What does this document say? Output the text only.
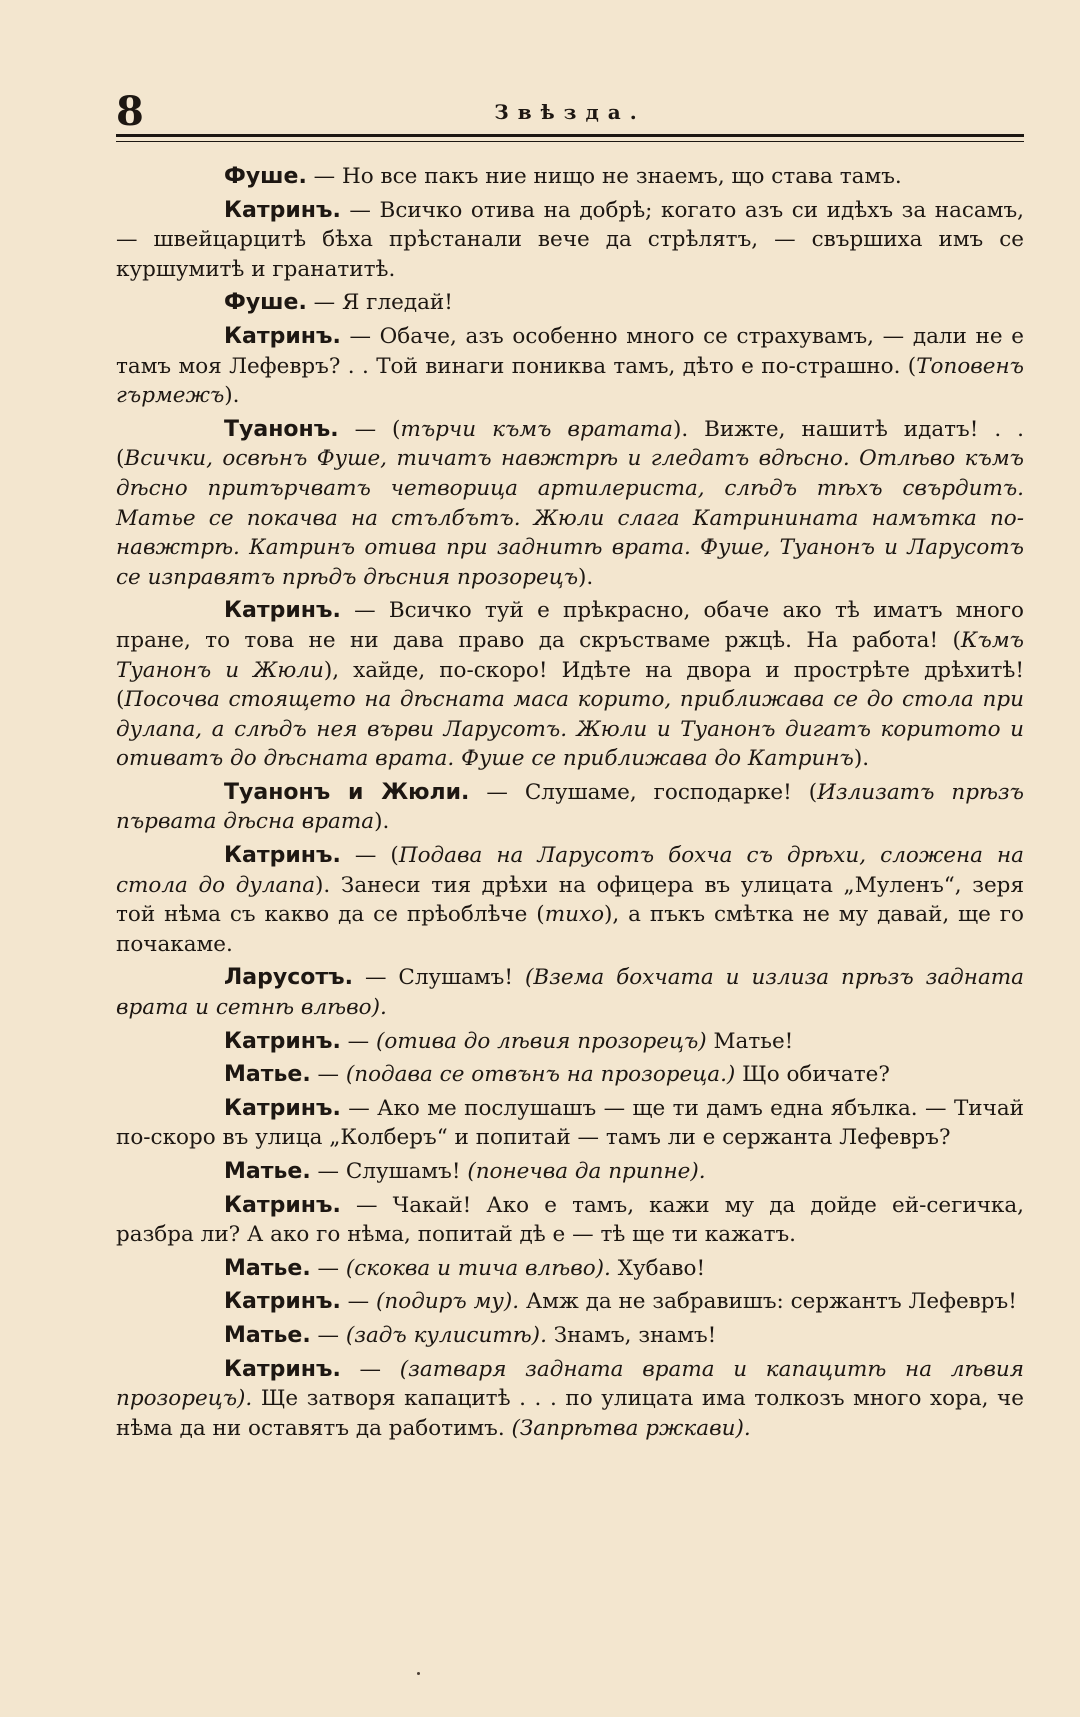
8	Звѣзда.

Фуше. — Но все пакъ ние нищо не знаемъ, що става тамъ.

Катринъ. — Всичко отива на добрѣ; когато азъ си идѣхъ за насамъ, — швейцарцитѣ бѣха прѣстанали вече да стрѣлятъ, — свършиха имъ се куршумитѣ и гранатитѣ.

Фуше. — Я гледай!

Катринъ. — Обаче, азъ особенно много се страхувамъ, — дали не е тамъ моя Лефевръ? . . Той винаги пониква тамъ, дѣто е по-страшно. (Топовенъ гърмежъ).

Туанонъ. — (търчи къмъ вратата). Вижте, нашитѣ идатъ! . . (Всички, освѣнъ Фуше, тичатъ навжтрѣ и гледатъ вдѣсно. Отлѣво къмъ дѣсно притърчватъ четворица артилериста, слѣдъ тѣхъ свърдитъ. Матье се покачва на стълбътъ. Жюли слага Катринината намътка по-навжтрѣ. Катринъ отива при заднитѣ врата. Фуше, Туанонъ и Ларусотъ се изправятъ прѣдъ дѣсния прозорецъ).

Катринъ. — Всичко туй е прѣкрасно, обаче ако тѣ иматъ много пране, то това не ни дава право да скръстваме ржцѣ. На работа! (Къмъ Туанонъ и Жюли), хайде, по-скоро! Идѣте на двора и прострѣте дрѣхитѣ! (Посочва стоящето на дѣсната маса корито, приближава се до стола при дулапа, а слѣдъ нея върви Ларусотъ. Жюли и Туанонъ дигатъ коритото и отиватъ до дѣсната врата. Фуше се приближава до Катринъ).

Туанонъ и Жюли. — Слушаме, господарке! (Излизатъ прѣзъ първата дѣсна врата).

Катринъ. — (Подава на Ларусотъ бохча съ дрѣхи, сложена на стола до дулапа). Занеси тия дрѣхи на офицера въ улицата „Муленъ“, зеря той нѣма съ какво да се прѣоблѣче (тихо), а пъкъ смѣтка не му давай, ще го почакаме.

Ларусотъ. — Слушамъ! (Взема бохчата и излиза прѣзъ задната врата и сетнѣ влѣво).

Катринъ. — (отива до лѣвия прозорецъ) Матье!

Матье. — (подава се отвънъ на прозореца.) Що обичате?

Катринъ. — Ако ме послушашъ — ще ти дамъ една ябълка. — Тичай по-скоро въ улица „Колберъ“ и попитай — тамъ ли е сержанта Лефевръ?

Матье. — Слушамъ! (понечва да припне).

Катринъ. — Чакай! Ако е тамъ, кажи му да дойде ей-сегичка, разбра ли? А ако го нѣма, попитай дѣ е — тѣ ще ти кажатъ.

Матье. — (скоква и тича влѣво). Хубаво!

Катринъ. — (подиръ му). Амж да не забравишъ: сержантъ Лефевръ!

Матье. — (задъ кулиситѣ). Знамъ, знамъ!

Катринъ. — (затваря задната врата и капацитѣ на лѣвия прозорецъ). Ще затворя капацитѣ . . . по улицата има толкозъ много хора, че нѣма да ни оставятъ да работимъ. (Запрѣтва ржкави).
